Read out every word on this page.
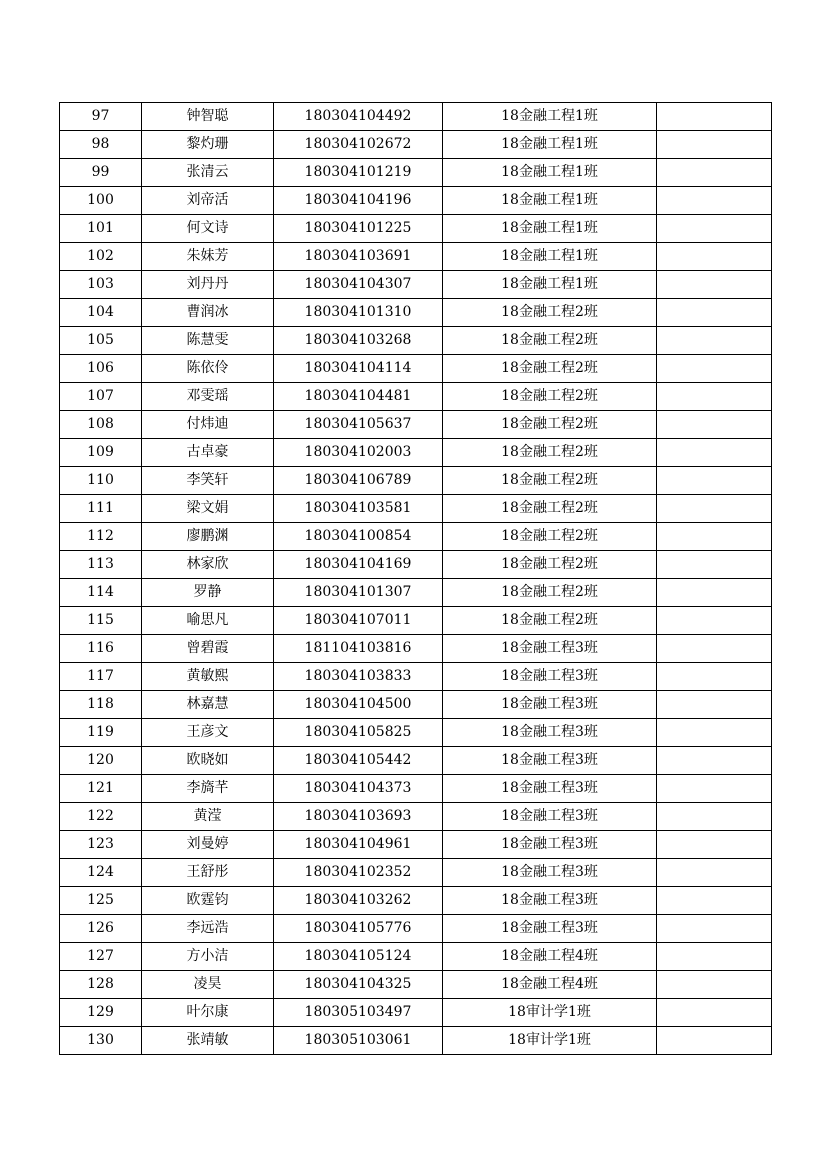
97	钟智聪	180304104492	18金融工程1班	
98	黎灼珊	180304102672	18金融工程1班	
99	张清云	180304101219	18金融工程1班	
100	刘帝活	180304104196	18金融工程1班	
101	何文诗	180304101225	18金融工程1班	
102	朱妹芳	180304103691	18金融工程1班	
103	刘丹丹	180304104307	18金融工程1班	
104	曹润冰	180304101310	18金融工程2班	
105	陈慧雯	180304103268	18金融工程2班	
106	陈依伶	180304104114	18金融工程2班	
107	邓雯瑶	180304104481	18金融工程2班	
108	付炜迪	180304105637	18金融工程2班	
109	古卓豪	180304102003	18金融工程2班	
110	李笑轩	180304106789	18金融工程2班	
111	梁文娟	180304103581	18金融工程2班	
112	廖鹏渊	180304100854	18金融工程2班	
113	林家欣	180304104169	18金融工程2班	
114	罗静	180304101307	18金融工程2班	
115	喻思凡	180304107011	18金融工程2班	
116	曾碧霞	181104103816	18金融工程3班	
117	黄敏熙	180304103833	18金融工程3班	
118	林嘉慧	180304104500	18金融工程3班	
119	王彦文	180304105825	18金融工程3班	
120	欧晓如	180304105442	18金融工程3班	
121	李旖芊	180304104373	18金融工程3班	
122	黄滢	180304103693	18金融工程3班	
123	刘曼婷	180304104961	18金融工程3班	
124	王舒彤	180304102352	18金融工程3班	
125	欧霆钧	180304103262	18金融工程3班	
126	李远浩	180304105776	18金融工程3班	
127	方小洁	180304105124	18金融工程4班	
128	凌昊	180304104325	18金融工程4班	
129	叶尔康	180305103497	18审计学1班	
130	张靖敏	180305103061	18审计学1班	
